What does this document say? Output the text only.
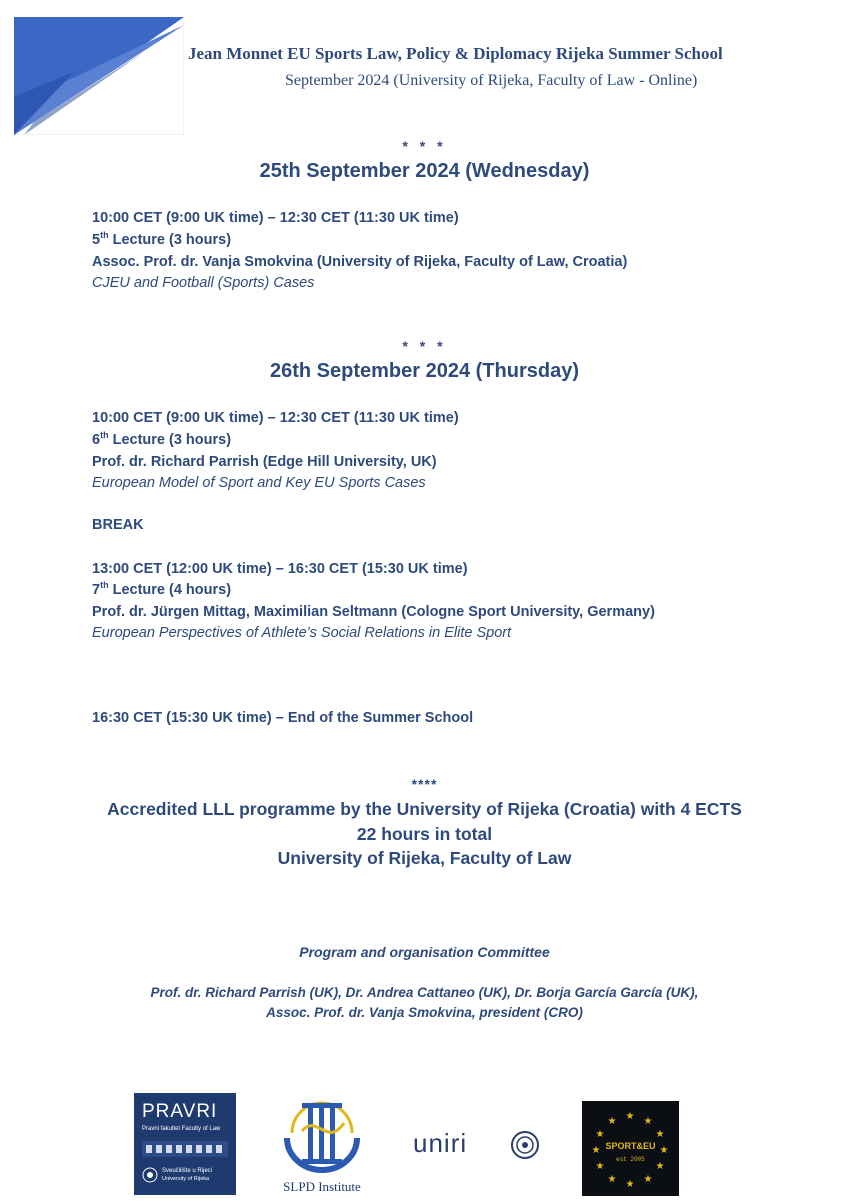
Jean Monnet EU Sports Law, Policy & Diplomacy Rijeka Summer School
September 2024 (University of Rijeka, Faculty of Law - Online)
* * *
25th September 2024 (Wednesday)
10:00 CET (9:00 UK time) – 12:30 CET (11:30 UK time)
5th Lecture (3 hours)
Assoc. Prof. dr. Vanja Smokvina (University of Rijeka, Faculty of Law, Croatia)
CJEU and Football (Sports) Cases
* * *
26th September 2024 (Thursday)
10:00 CET (9:00 UK time) – 12:30 CET (11:30 UK time)
6th Lecture (3 hours)
Prof. dr. Richard Parrish (Edge Hill University, UK)
European Model of Sport and Key EU Sports Cases
BREAK
13:00 CET (12:00 UK time) – 16:30 CET (15:30 UK time)
7th Lecture (4 hours)
Prof. dr. Jürgen Mittag, Maximilian Seltmann (Cologne Sport University, Germany)
European Perspectives of Athlete’s Social Relations in Elite Sport
16:30 CET (15:30 UK time) – End of the Summer School
****
Accredited LLL programme by the University of Rijeka (Croatia) with 4 ECTS
22 hours in total
University of Rijeka, Faculty of Law
Program and organisation Committee
Prof. dr. Richard Parrish (UK), Dr. Andrea Cattaneo (UK), Dr. Borja García García (UK),
Assoc. Prof. dr. Vanja Smokvina, president (CRO)
PRAVRI
Pravni fakultet Faculty of Law
Sveučilište u Rijeci
University of Rijeka	SLPD Institute
uniri
★ ★
★
★
★
★
★
★
★
★
★
★
SPORT&EU
est 2005
